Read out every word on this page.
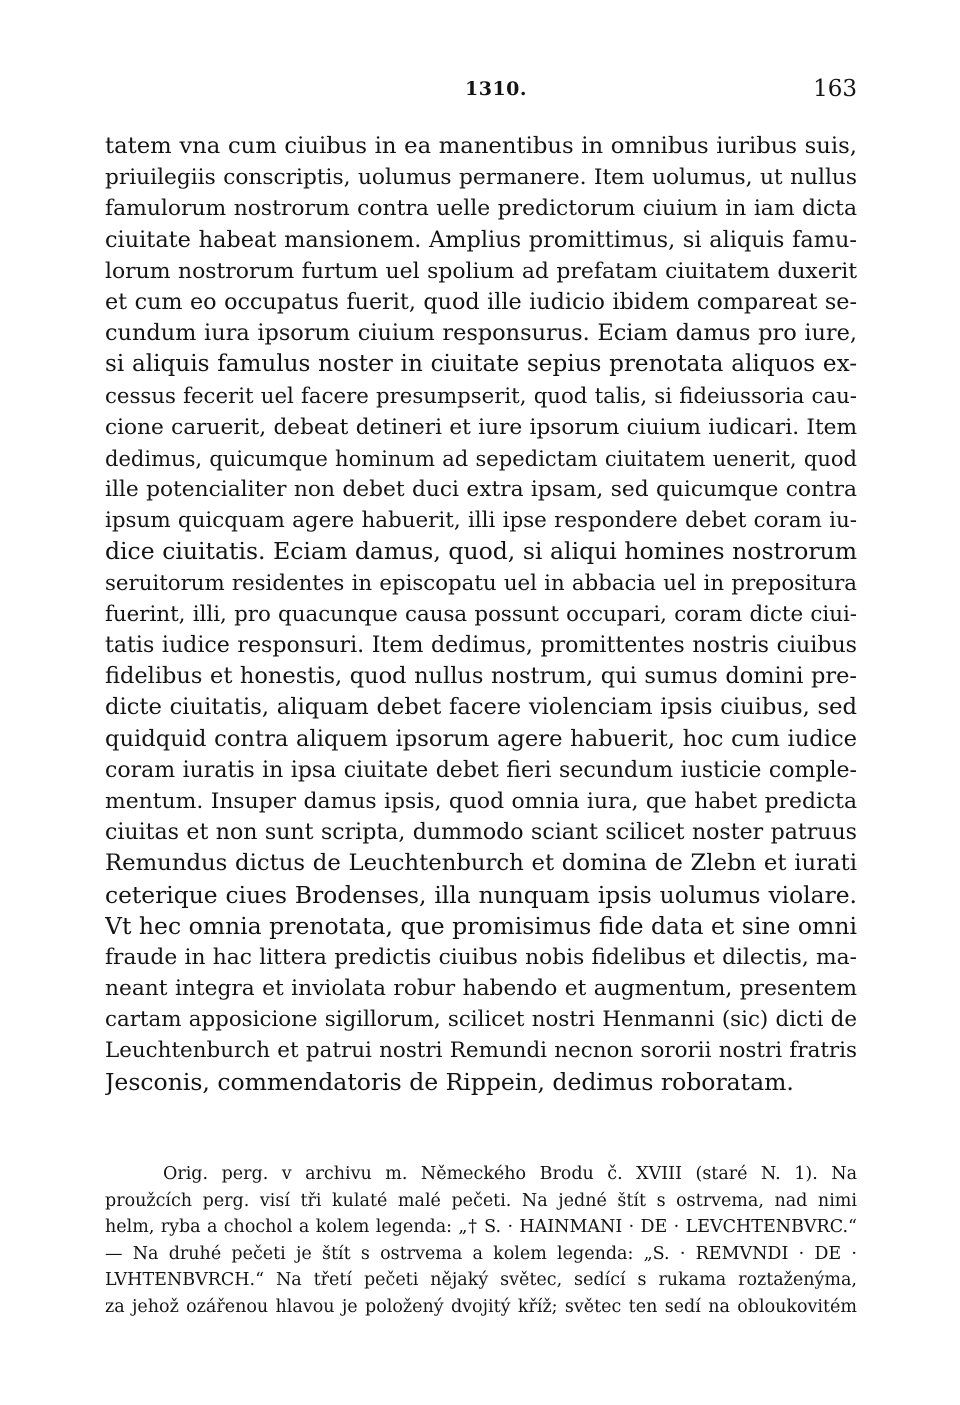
1310.	163
tatem vna cum ciuibus in ea manentibus in omnibus iuribus suis,
priuilegiis conscriptis, uolumus permanere. Item uolumus, ut nullus
famulorum nostrorum contra uelle predictorum ciuium in iam dicta
ciuitate habeat mansionem. Amplius promittimus, si aliquis famu-
lorum nostrorum furtum uel spolium ad prefatam ciuitatem duxerit
et cum eo occupatus fuerit, quod ille iudicio ibidem compareat se-
cundum iura ipsorum ciuium responsurus. Eciam damus pro iure,
si aliquis famulus noster in ciuitate sepius prenotata aliquos ex-
cessus fecerit uel facere presumpserit, quod talis, si fideiussoria cau-
cione caruerit, debeat detineri et iure ipsorum ciuium iudicari. Item
dedimus, quicumque hominum ad sepedictam ciuitatem uenerit, quod
ille potencialiter non debet duci extra ipsam, sed quicumque contra
ipsum quicquam agere habuerit, illi ipse respondere debet coram iu-
dice ciuitatis. Eciam damus, quod, si aliqui homines nostrorum
seruitorum residentes in episcopatu uel in abbacia uel in prepositura
fuerint, illi, pro quacunque causa possunt occupari, coram dicte ciui-
tatis iudice responsuri. Item dedimus, promittentes nostris ciuibus
fidelibus et honestis, quod nullus nostrum, qui sumus domini pre-
dicte ciuitatis, aliquam debet facere violenciam ipsis ciuibus, sed
quidquid contra aliquem ipsorum agere habuerit, hoc cum iudice
coram iuratis in ipsa ciuitate debet fieri secundum iusticie comple-
mentum. Insuper damus ipsis, quod omnia iura, que habet predicta
ciuitas et non sunt scripta, dummodo sciant scilicet noster patruus
Remundus dictus de Leuchtenburch et domina de Zlebn et iurati
ceterique ciues Brodenses, illa nunquam ipsis uolumus violare.
Vt hec omnia prenotata, que promisimus fide data et sine omni
fraude in hac littera predictis ciuibus nobis fidelibus et dilectis, ma-
neant integra et inviolata robur habendo et augmentum, presentem
cartam apposicione sigillorum, scilicet nostri Henmanni (sic) dicti de
Leuchtenburch et patrui nostri Remundi necnon sororii nostri fratris
Jesconis, commendatoris de Rippein, dedimus roboratam.
Orig. perg. v archivu m. Německého Brodu č. XVIII (staré N. 1). Na
proužcích perg. visí tři kulaté malé pečeti. Na jedné štít s ostrvema, nad nimi
helm, ryba a chochol a kolem legenda: „† S. · HAINMANI · DE · LEVCHTENBVRC.“
— Na druhé pečeti je štít s ostrvema a kolem legenda: „S. · REMVNDI · DE ·
LVHTENBVRCH.“ Na třetí pečeti nějaký světec, sedící s rukama roztaženýma,
za jehož ozářenou hlavou je položený dvojitý kříž; světec ten sedí na obloukovitém
